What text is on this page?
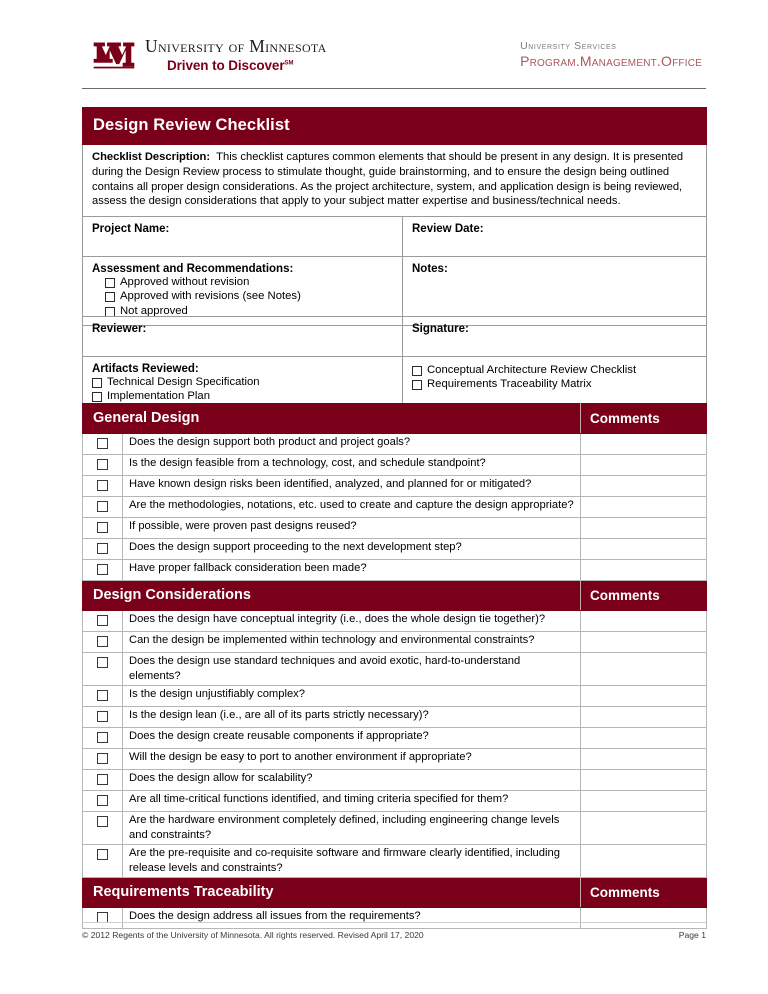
University of Minnesota
Driven to Discover℠
University Services
Program.Management.Office
Design Review Checklist	
Checklist Description: This checklist captures common elements that should be present in any design. It is presented during the Design Review process to stimulate thought, guide brainstorming, and to ensure the design being outlined contains all proper design considerations. As the project architecture, system, and application design is being reviewed, assess the design considerations that apply to your subject matter expertise and business/technical needs.	
Project Name:	Review Date:
Assessment and Recommendations:
Approved without revision
Approved with revisions (see Notes)
Not approved	Notes:
Reviewer:	Signature:
Artifacts Reviewed:
Technical Design Specification
Implementation Plan

Conceptual Architecture Review Checklist
Requirements Traceability Matrix
General Design		Comments
	Does the design support both product and project goals?	
	Is the design feasible from a technology, cost, and schedule standpoint?	
	Have known design risks been identified, analyzed, and planned for or mitigated?	
	Are the methodologies, notations, etc. used to create and capture the design appropriate?	
	If possible, were proven past designs reused?	
	Does the design support proceeding to the next development step?	
	Have proper fallback consideration been made?	
Design Considerations		Comments
	Does the design have conceptual integrity (i.e., does the whole design tie together)?	
	Can the design be implemented within technology and environmental constraints?	
	Does the design use standard techniques and avoid exotic, hard-to-understand elements?	
	Is the design unjustifiably complex?	
	Is the design lean (i.e., are all of its parts strictly necessary)?	
	Does the design create reusable components if appropriate?	
	Will the design be easy to port to another environment if appropriate?	
	Does the design allow for scalability?	
	Are all time-critical functions identified, and timing criteria specified for them?	
	Are the hardware environment completely defined, including engineering change levels and constraints?	
	Are the pre-requisite and co-requisite software and firmware clearly identified, including release levels and constraints?	
Requirements Traceability		Comments
	Does the design address all issues from the requirements?	
© 2012 Regents of the University of Minnesota. All rights reserved. Revised April 17, 2020	Page 1
